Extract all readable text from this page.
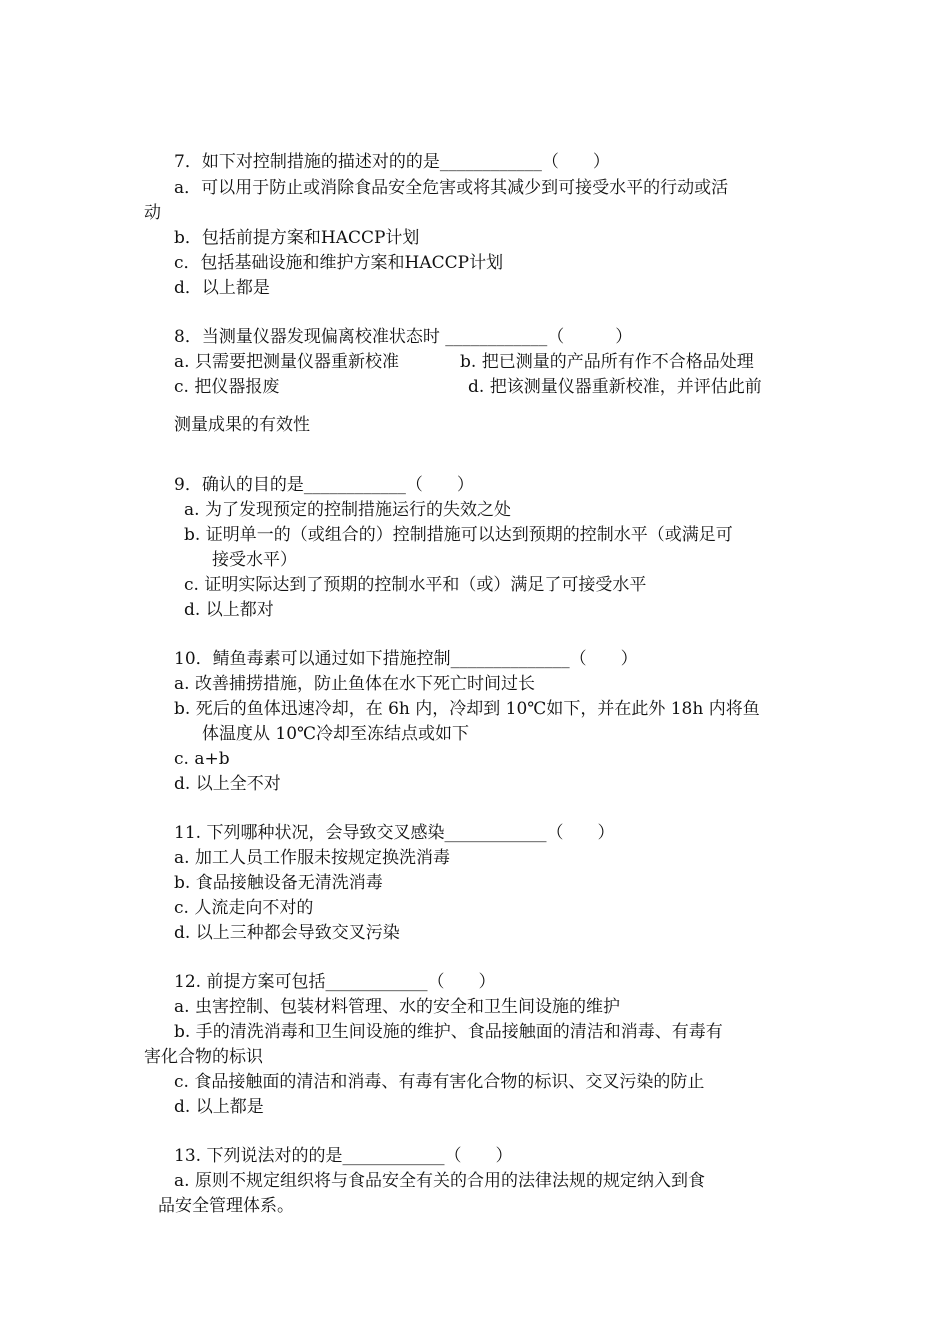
7．如下对控制措施的描述对的的是____________（　　）
a．可以用于防止或消除食品安全危害或将其减少到可接受水平的行动或活
动
b．包括前提方案和HACCP计划
c．包括基础设施和维护方案和HACCP计划
d．以上都是
8．当测量仪器发现偏离校准状态时 ____________（　　　）
a. 只需要把测量仪器重新校准	b. 把已测量的产品所有作不合格品处理
c. 把仪器报废	d. 把该测量仪器重新校准，并评估此前
测量成果的有效性
9．确认的目的是____________（　　）
a. 为了发现预定的控制措施运行的失效之处
b. 证明单一的（或组合的）控制措施可以达到预期的控制水平（或满足可
接受水平）
c. 证明实际达到了预期的控制水平和（或）满足了可接受水平
d. 以上都对
10．鲭鱼毒素可以通过如下措施控制______________（　　）
a. 改善捕捞措施，防止鱼体在水下死亡时间过长
b. 死后的鱼体迅速冷却，在 6h 内，冷却到 10℃如下，并在此外 18h 内将鱼
体温度从 10℃冷却至冻结点或如下
c. a+b
d. 以上全不对
11. 下列哪种状况，会导致交叉感染____________（　　）
a. 加工人员工作服未按规定换洗消毒
b. 食品接触设备无清洗消毒
c. 人流走向不对的
d. 以上三种都会导致交叉污染
12. 前提方案可包括____________（　　）
a. 虫害控制、包装材料管理、水的安全和卫生间设施的维护
b. 手的清洗消毒和卫生间设施的维护、食品接触面的清洁和消毒、有毒有
害化合物的标识
c. 食品接触面的清洁和消毒、有毒有害化合物的标识、交叉污染的防止
d. 以上都是
13. 下列说法对的的是____________（　　）
a. 原则不规定组织将与食品安全有关的合用的法律法规的规定纳入到食
品安全管理体系。
